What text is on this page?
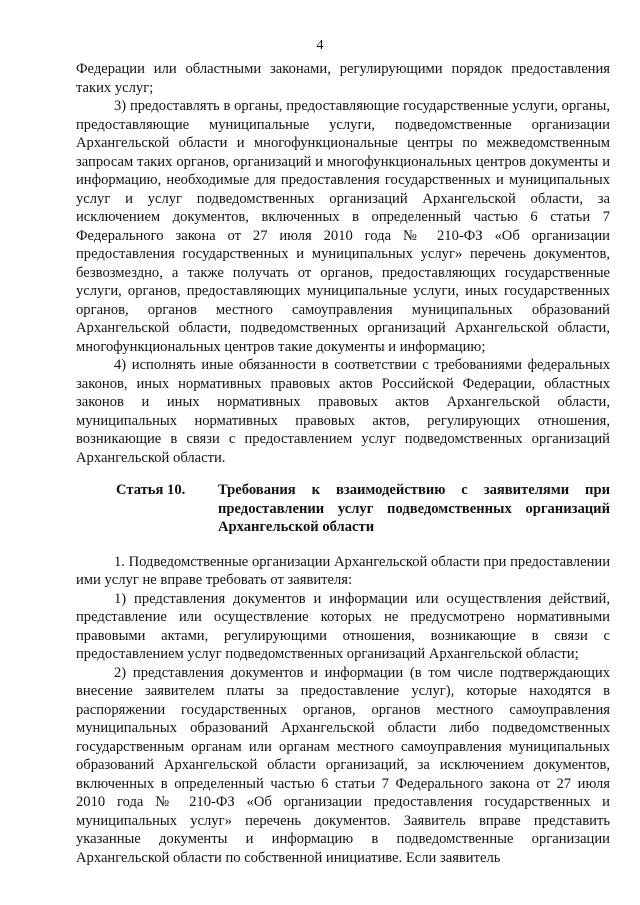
4

Федерации или областными законами, регулирующими порядок предоставления таких услуг;

3) предоставлять в органы, предоставляющие государственные услуги, органы, предоставляющие муниципальные услуги, подведомственные организации Архангельской области и многофункциональные центры по межведомственным запросам таких органов, организаций и многофункциональных центров документы и информацию, необходимые для предоставления государственных и муниципальных услуг и услуг подведомственных организаций Архангельской области, за исключением документов, включенных в определенный частью 6 статьи 7 Федерального закона от 27 июля 2010 года № 210-ФЗ «Об организации предоставления государственных и муниципальных услуг» перечень документов, безвозмездно, а также получать от органов, предоставляющих государственные услуги, органов, предоставляющих муниципальные услуги, иных государственных органов, органов местного самоуправления муниципальных образований Архангельской области, подведомственных организаций Архангельской области, многофункциональных центров такие документы и информацию;

4) исполнять иные обязанности в соответствии с требованиями федеральных законов, иных нормативных правовых актов Российской Федерации, областных законов и иных нормативных правовых актов Архангельской области, муниципальных нормативных правовых актов, регулирующих отношения, возникающие в связи с предоставлением услуг подведомственных организаций Архангельской области.

Статья 10.	Требования к взаимодействию с заявителями при предоставлении услуг подведомственных организаций Архангельской области

1. Подведомственные организации Архангельской области при предоставлении ими услуг не вправе требовать от заявителя:

1) представления документов и информации или осуществления действий, представление или осуществление которых не предусмотрено нормативными правовыми актами, регулирующими отношения, возникающие в связи с предоставлением услуг подведомственных организаций Архангельской области;

2) представления документов и информации (в том числе подтверждающих внесение заявителем платы за предоставление услуг), которые находятся в распоряжении государственных органов, органов местного самоуправления муниципальных образований Архангельской области либо подведомственных государственным органам или органам местного самоуправления муниципальных образований Архангельской области организаций, за исключением документов, включенных в определенный частью 6 статьи 7 Федерального закона от 27 июля 2010 года № 210-ФЗ «Об организации предоставления государственных и муниципальных услуг» перечень документов. Заявитель вправе представить указанные документы и информацию в подведомственные организации Архангельской области по собственной инициативе. Если заявитель
